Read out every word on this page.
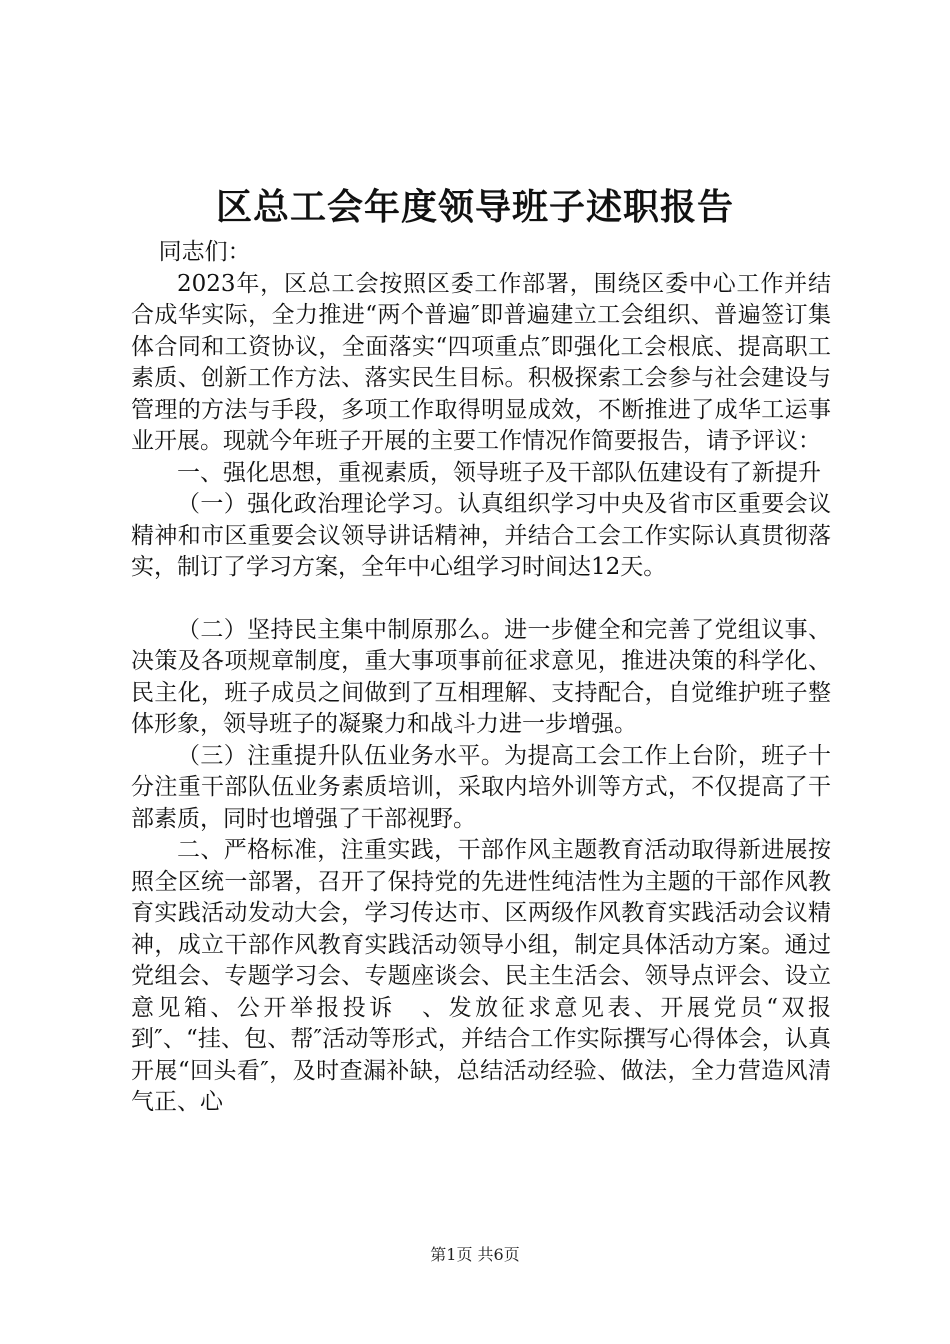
区总工会年度领导班子述职报告

同志们：

2023年，区总工会按照区委工作部署，围绕区委中心工作并结合成华实际，全力推进“两个普遍″即普遍建立工会组织、普遍签订集体合同和工资协议，全面落实“四项重点″即强化工会根底、提高职工素质、创新工作方法、落实民生目标。积极探索工会参与社会建设与管理的方法与手段，多项工作取得明显成效，不断推进了成华工运事业开展。现就今年班子开展的主要工作情况作简要报告，请予评议：

一、强化思想，重视素质，领导班子及干部队伍建设有了新提升

（一）强化政治理论学习。认真组织学习中央及省市区重要会议精神和市区重要会议领导讲话精神，并结合工会工作实际认真贯彻落实，制订了学习方案，全年中心组学习时间达12天。

（二）坚持民主集中制原那么。进一步健全和完善了党组议事、决策及各项规章制度，重大事项事前征求意见，推进决策的科学化、民主化，班子成员之间做到了互相理解、支持配合，自觉维护班子整体形象，领导班子的凝聚力和战斗力进一步增强。

（三）注重提升队伍业务水平。为提高工会工作上台阶，班子十分注重干部队伍业务素质培训，采取内培外训等方式，不仅提高了干部素质，同时也增强了干部视野。

二、严格标准，注重实践，干部作风主题教育活动取得新进展按照全区统一部署，召开了保持党的先进性纯洁性为主题的干部作风教育实践活动发动大会，学习传达市、区两级作风教育实践活动会议精神，成立干部作风教育实践活动领导小组，制定具体活动方案。通过党组会、专题学习会、专题座谈会、民主生活会、领导点评会、设立意见箱、公开举报投诉　、发放征求意见表、开展党员“双报到″、“挂、包、帮″活动等形式，并结合工作实际撰写心得体会，认真开展“回头看″，及时查漏补缺，总结活动经验、做法，全力营造风清气正、心

第1页 共6页
